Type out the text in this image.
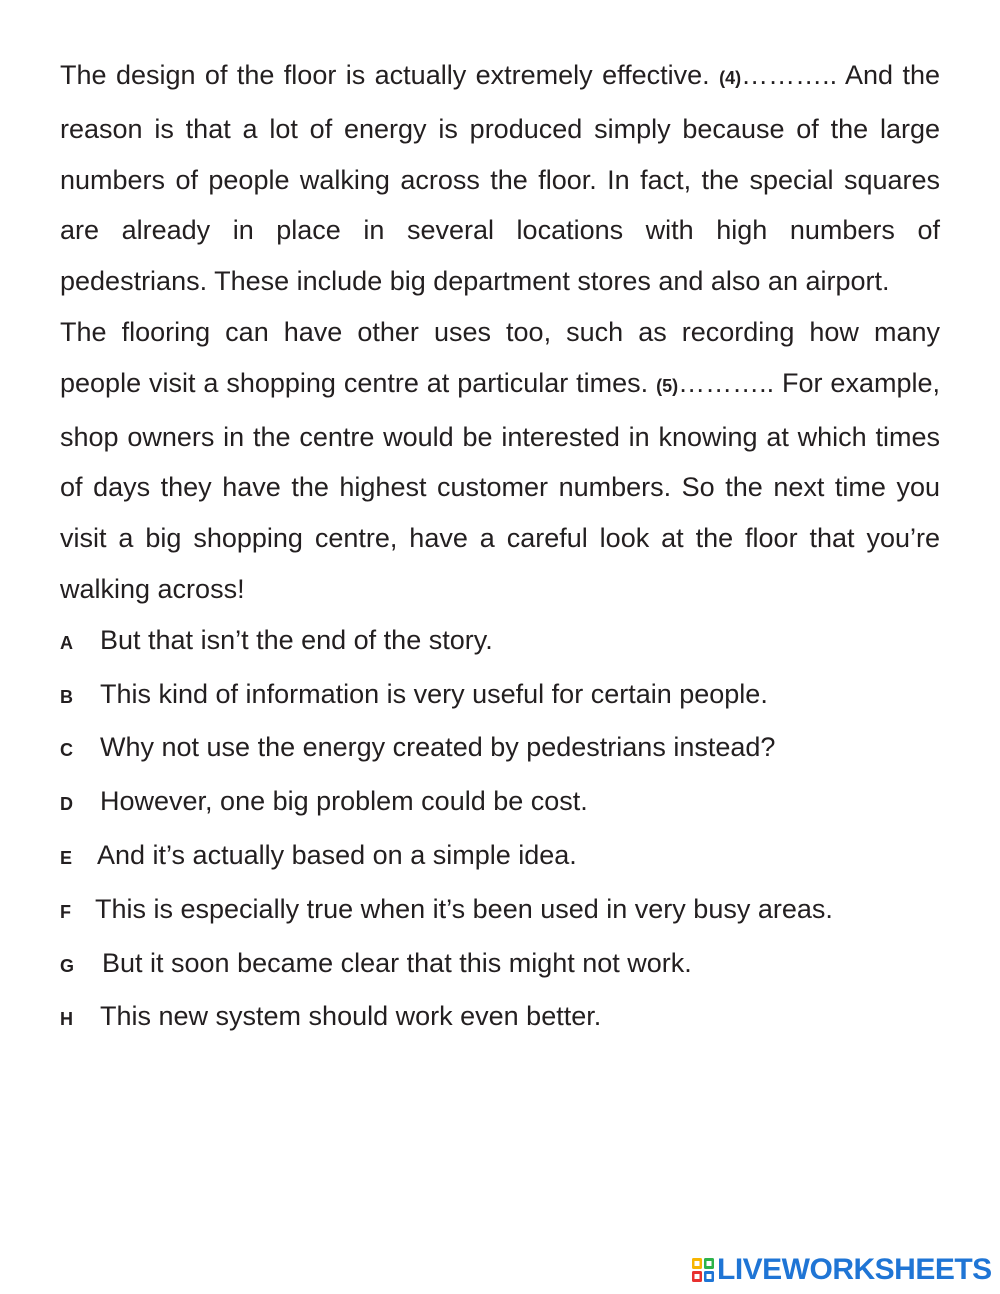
The design of the floor is actually extremely effective. (4)……….. And the reason is that a lot of energy is produced simply because of the large numbers of people walking across the floor. In fact, the special squares are already in place in several locations with high numbers of pedestrians. These include big department stores and also an airport.

The flooring can have other uses too, such as recording how many people visit a shopping centre at particular times. (5)……….. For example, shop owners in the centre would be interested in knowing at which times of days they have the highest customer numbers. So the next time you visit a big shopping centre, have a careful look at the floor that you’re walking across!

A	But that isn’t the end of the story.
B	This kind of information is very useful for certain people.
C	Why not use the energy created by pedestrians instead?
D	However, one big problem could be cost.
E And it’s actually based on a simple idea.
F This is especially true when it’s been used in very busy areas.
G	But it soon became clear that this might not work.
H	This new system should work even better.
LIVEWORKSHEETS
